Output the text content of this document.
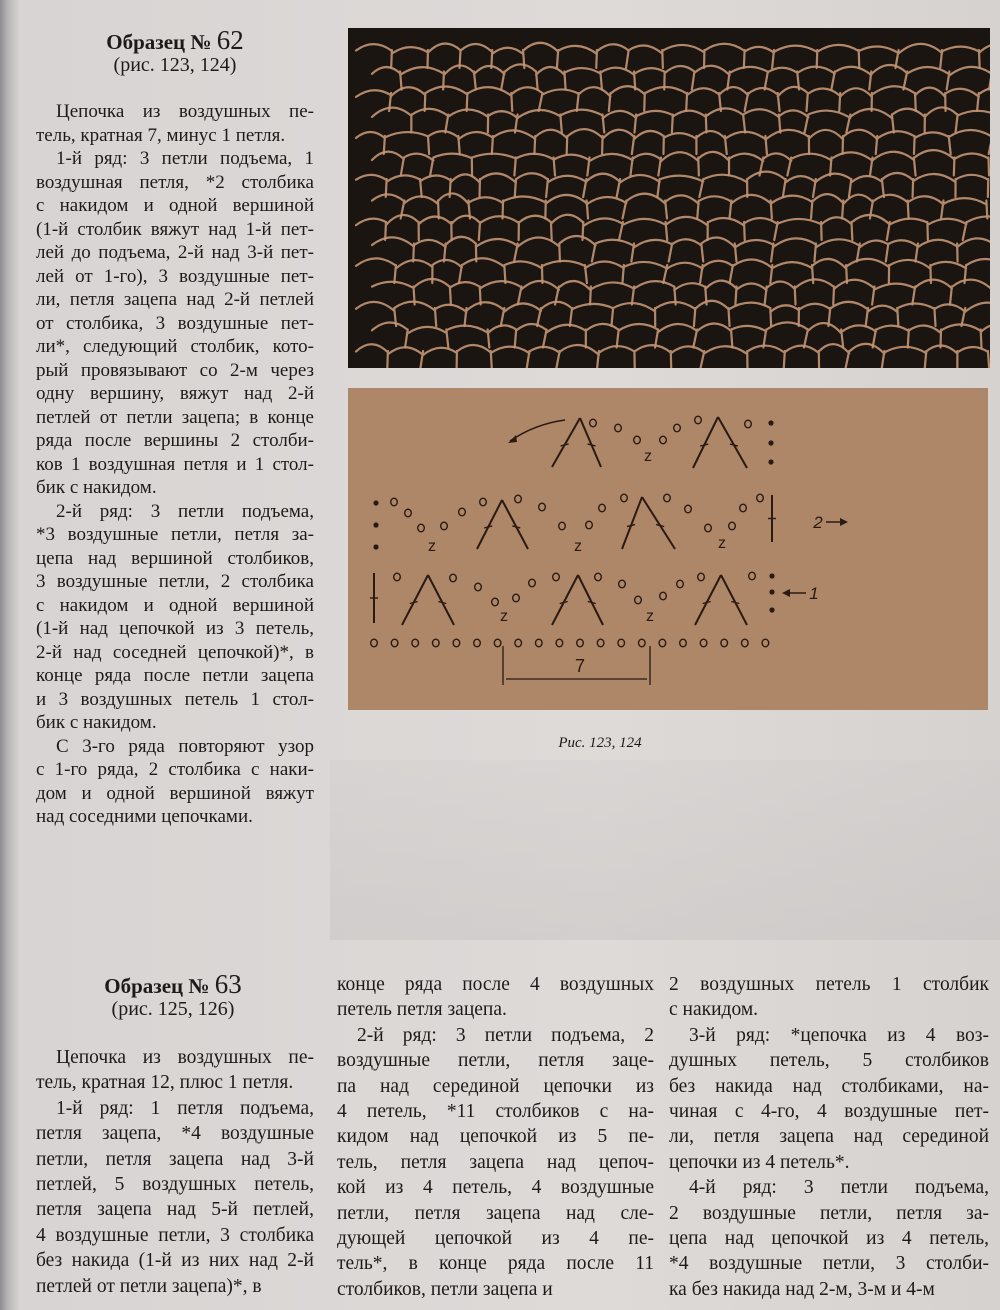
Образец № 62
(рис. 123, 124)
Цепочка из воздушных пе-
тель, кратная 7, минус 1 петля.
1-й ряд: 3 петли подъема, 1
воздушная петля, *2 столбика
с накидом и одной вершиной
(1-й столбик вяжут над 1-й пет-
лей до подъема, 2-й над 3-й пет-
лей от 1-го), 3 воздушные пет-
ли, петля зацепа над 2-й петлей
от столбика, 3 воздушные пет-
ли*, следующий столбик, кото-
рый провязывают со 2-м через
одну вершину, вяжут над 2-й
петлей от петли зацепа; в конце
ряда после вершины 2 столби-
ков 1 воздушная петля и 1 стол-
бик с накидом.
2-й ряд: 3 петли подъема,
*3 воздушные петли, петля за-
цепа над вершиной столбиков,
3 воздушные петли, 2 столбика
с накидом и одной вершиной
(1-й над цепочкой из 3 петель,
2-й над соседней цепочкой)*, в
конце ряда после петли зацепа
и 3 воздушных петель 1 стол-
бик с накидом.
С 3-го ряда повторяют узор
с 1-го ряда, 2 столбика с наки-
дом и одной вершиной вяжут
над соседними цепочками.
z
z	z	z
2
z	z
1
7
Рис. 123, 124
Образец № 63
(рис. 125, 126)
Цепочка из воздушных пе-
тель, кратная 12, плюс 1 петля.
1-й ряд: 1 петля подъема,
петля зацепа, *4 воздушные
петли, петля зацепа над 3-й
петлей, 5 воздушных петель,
петля зацепа над 5-й петлей,
4 воздушные петли, 3 столбика
без накида (1-й из них над 2-й
петлей от петли зацепа)*, в
конце ряда после 4 воздушных
петель петля зацепа.
2-й ряд: 3 петли подъема, 2
воздушные петли, петля заце-
па над серединой цепочки из
4 петель, *11 столбиков с на-
кидом над цепочкой из 5 пе-
тель, петля зацепа над цепоч-
кой из 4 петель, 4 воздушные
петли, петля зацепа над сле-
дующей цепочкой из 4 пе-
тель*, в конце ряда после 11
столбиков, петли зацепа и
2 воздушных петель 1 столбик
с накидом.
3-й ряд: *цепочка из 4 воз-
душных петель, 5 столбиков
без накида над столбиками, на-
чиная с 4-го, 4 воздушные пет-
ли, петля зацепа над серединой
цепочки из 4 петель*.
4-й ряд: 3 петли подъема,
2 воздушные петли, петля за-
цепа над цепочкой из 4 петель,
*4 воздушные петли, 3 столби-
ка без накида над 2-м, 3-м и 4-м
